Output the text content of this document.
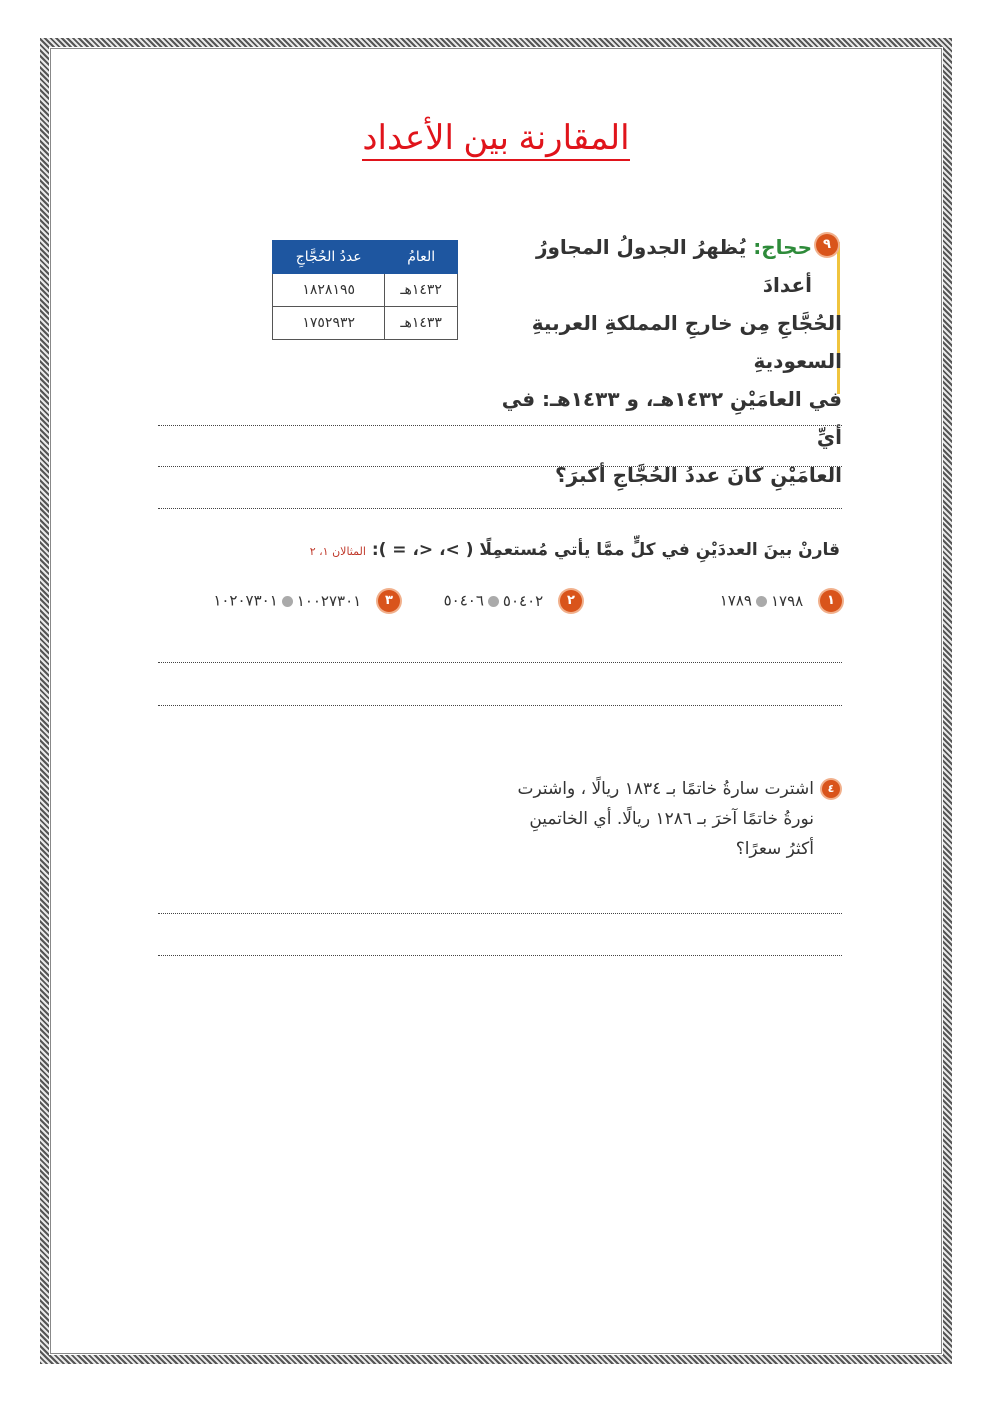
المقارنة بين الأعداد
٩
حجاج: يُظهرُ الجدولُ المجاورُ أعدادَ
الحُجَّاجِ مِن خارجِ المملكةِ العربيةِ السعوديةِ
في العامَيْنِ ١٤٣٢هـ، و ١٤٣٣هـ: في أيِّ
العامَيْنِ كانَ عددُ الحُجَّاجِ أكبرَ؟
العامُ	عددُ الحُجَّاجِ
١٤٣٢هـ	١٨٢٨١٩٥
١٤٣٣هـ	١٧٥٢٩٣٢
قارنْ بينَ العددَيْنِ في كلٍّ ممَّا يأتي مُستعمِلًا ( >، <، = ): المثالان ١، ٢
١ ١٧٩٨١٧٨٩
٢ ٥٠٤٠٢٥٠٤٠٦
٣ ١٠٠٢٧٣٠١١٠٢٠٧٣٠١
٤
اشترت سارةُ خاتمًا بـ ١٨٣٤ ريالًا ، واشترت
نورةُ خاتمًا آخرَ بـ ١٢٨٦ ريالًا. أي الخاتمينِ
أكثرُ سعرًا؟
